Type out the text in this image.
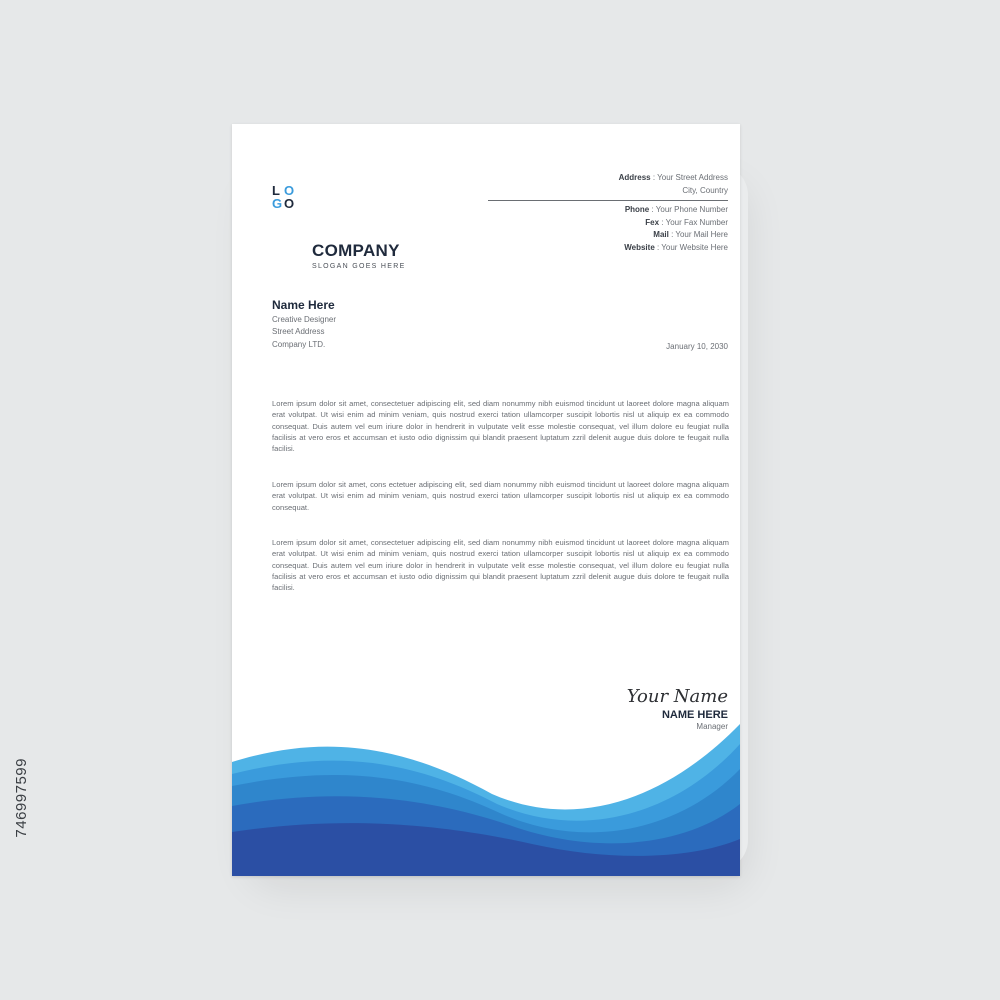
L O
G O
COMPANY
SLOGAN GOES HERE
Address : Your Street Address
City, Country
Phone : Your Phone Number
Fex : Your Fax Number
Mail : Your Mail Here
Website : Your Website Here
Name Here
Creative Designer
Street Address
Company LTD.	January 10, 2030

Lorem ipsum dolor sit amet, consectetuer adipiscing elit, sed diam nonummy nibh euismod tincidunt ut laoreet dolore magna aliquam erat volutpat. Ut wisi enim ad minim veniam, quis nostrud exerci tation ullamcorper suscipit lobortis nisl ut aliquip ex ea commodo consequat. Duis autem vel eum iriure dolor in hendrerit in vulputate velit esse molestie consequat, vel illum dolore eu feugiat nulla facilisis at vero eros et accumsan et iusto odio dignissim qui blandit praesent luptatum zzril delenit augue duis dolore te feugait nulla facilisi.

Lorem ipsum dolor sit amet, cons ectetuer adipiscing elit, sed diam nonummy nibh euismod tincidunt ut laoreet dolore magna aliquam erat volutpat. Ut wisi enim ad minim veniam, quis nostrud exerci tation ullamcorper suscipit lobortis nisl ut aliquip ex ea commodo consequat.

Lorem ipsum dolor sit amet, consectetuer adipiscing elit, sed diam nonummy nibh euismod tincidunt ut laoreet dolore magna aliquam erat volutpat. Ut wisi enim ad minim veniam, quis nostrud exerci tation ullamcorper suscipit lobortis nisl ut aliquip ex ea commodo consequat. Duis autem vel eum iriure dolor in hendrerit in vulputate velit esse molestie consequat, vel illum dolore eu feugiat nulla facilisis at vero eros et accumsan et iusto odio dignissim qui blandit praesent luptatum zzril delenit augue duis dolore te feugait nulla facilisi.

Your Name
NAME HERE
Manager
746997599
